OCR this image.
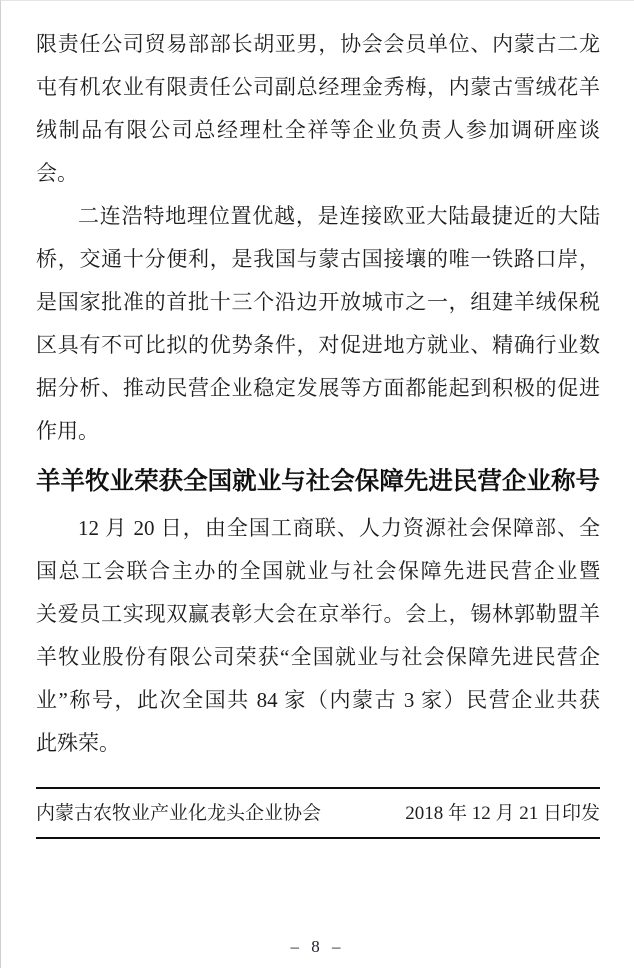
限责任公司贸易部部长胡亚男，协会会员单位、内蒙古二龙
屯有机农业有限责任公司副总经理金秀梅，内蒙古雪绒花羊
绒制品有限公司总经理杜全祥等企业负责人参加调研座谈
会。
二连浩特地理位置优越，是连接欧亚大陆最捷近的大陆
桥，交通十分便利，是我国与蒙古国接壤的唯一铁路口岸，
是国家批准的首批十三个沿边开放城市之一，组建羊绒保税
区具有不可比拟的优势条件，对促进地方就业、精确行业数
据分析、推动民营企业稳定发展等方面都能起到积极的促进
作用。
羊羊牧业荣获全国就业与社会保障先进民营企业称号
12 月 20 日，由全国工商联、人力资源社会保障部、全
国总工会联合主办的全国就业与社会保障先进民营企业暨
关爱员工实现双赢表彰大会在京举行。会上，锡林郭勒盟羊
羊牧业股份有限公司荣获“全国就业与社会保障先进民营企
业”称号，此次全国共 84 家（内蒙古 3 家）民营企业共获
此殊荣。
内蒙古农牧业产业化龙头企业协会	2018 年 12 月 21 日印发
– 8 –
